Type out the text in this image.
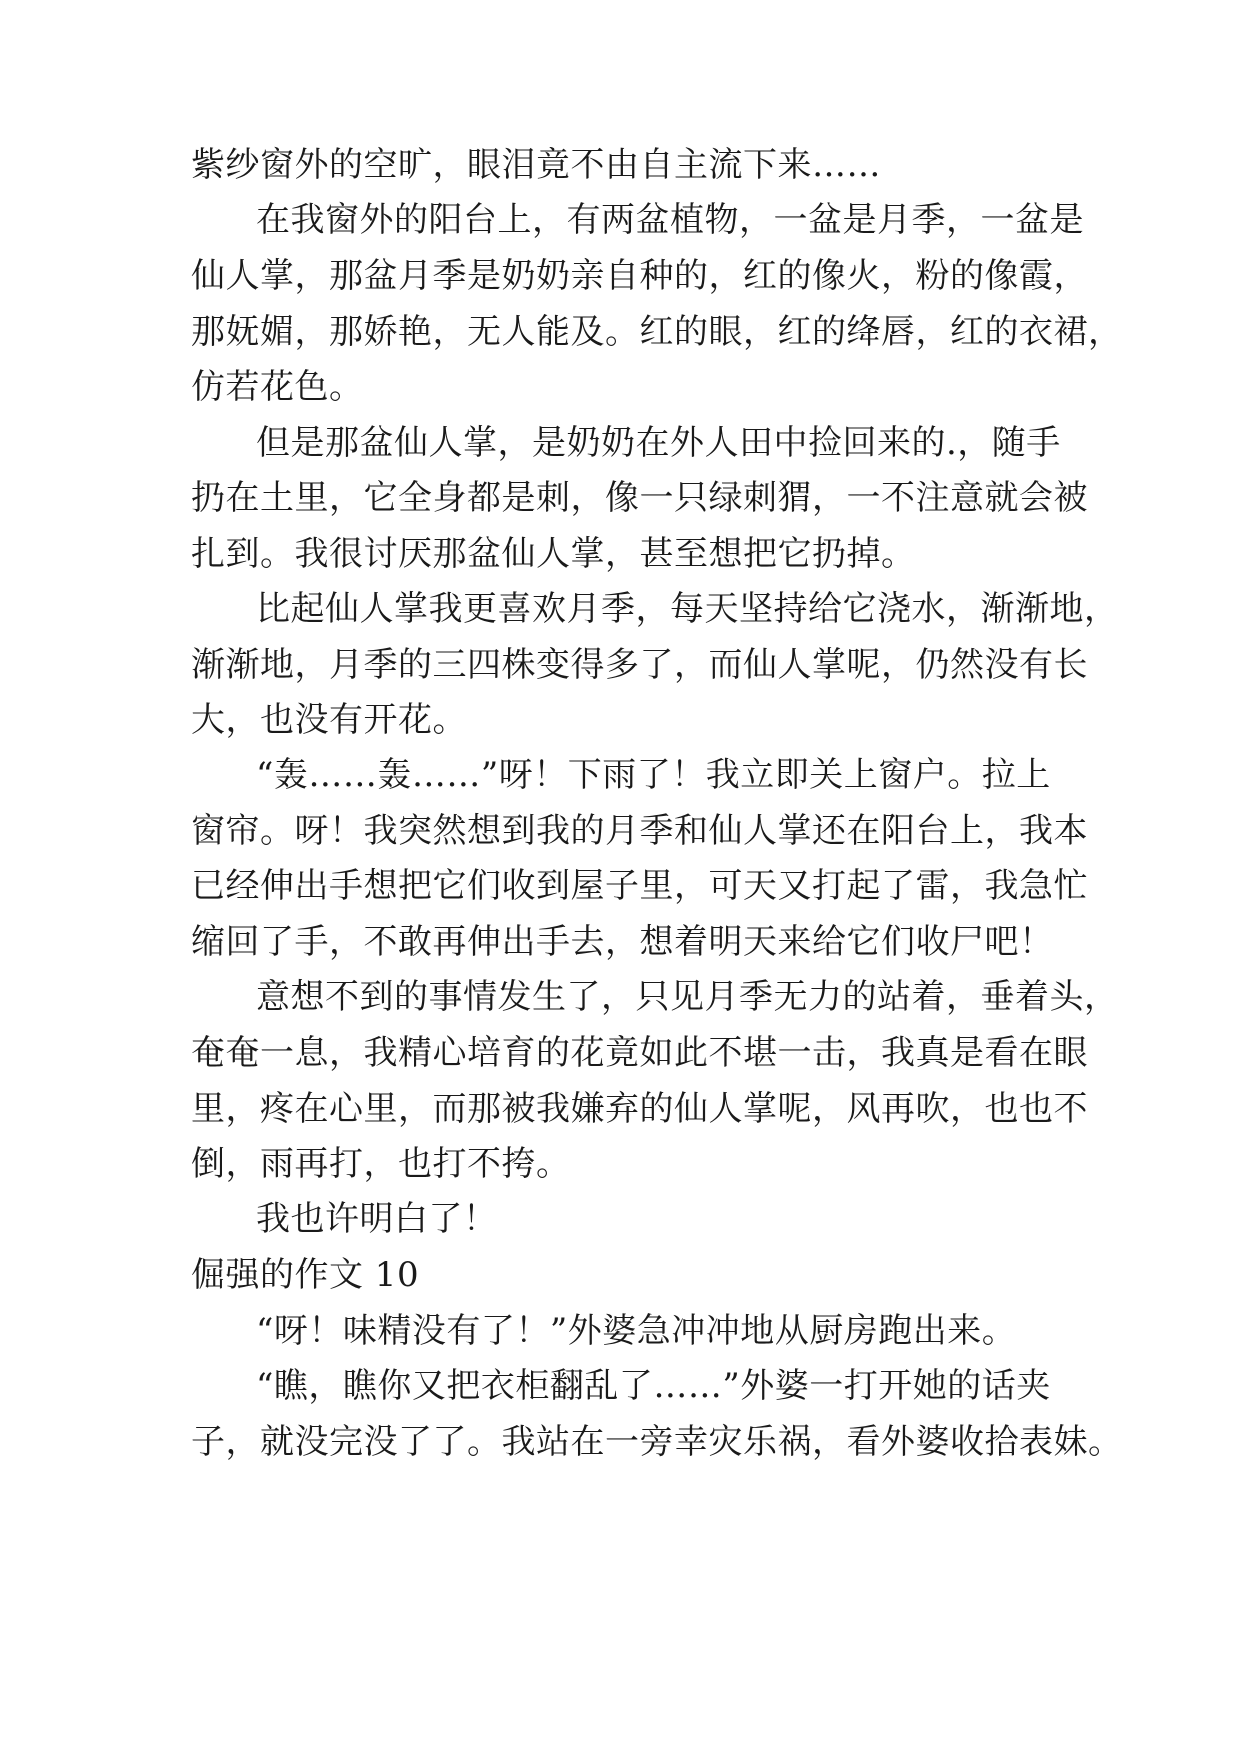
紫纱窗外的空旷，眼泪竟不由自主流下来……
在我窗外的阳台上，有两盆植物，一盆是月季，一盆是
仙人掌，那盆月季是奶奶亲自种的，红的像火，粉的像霞，
那妩媚，那娇艳，无人能及。红的眼，红的绛唇，红的衣裙，
仿若花色。
但是那盆仙人掌，是奶奶在外人田中捡回来的.，随手
扔在土里，它全身都是刺，像一只绿刺猬，一不注意就会被
扎到。我很讨厌那盆仙人掌，甚至想把它扔掉。
比起仙人掌我更喜欢月季，每天坚持给它浇水，渐渐地，
渐渐地，月季的三四株变得多了，而仙人掌呢，仍然没有长
大，也没有开花。
“轰……轰……”呀！下雨了！我立即关上窗户。拉上
窗帘。呀！我突然想到我的月季和仙人掌还在阳台上，我本
已经伸出手想把它们收到屋子里，可天又打起了雷，我急忙
缩回了手，不敢再伸出手去，想着明天来给它们收尸吧！
意想不到的事情发生了，只见月季无力的站着，垂着头，
奄奄一息，我精心培育的花竟如此不堪一击，我真是看在眼
里，疼在心里，而那被我嫌弃的仙人掌呢，风再吹，也也不
倒，雨再打，也打不挎。
我也许明白了！
倔强的作文 10
“呀！味精没有了！”外婆急冲冲地从厨房跑出来。
“瞧，瞧你又把衣柜翻乱了……”外婆一打开她的话夹
子，就没完没了了。我站在一旁幸灾乐祸，看外婆收拾表妹。
